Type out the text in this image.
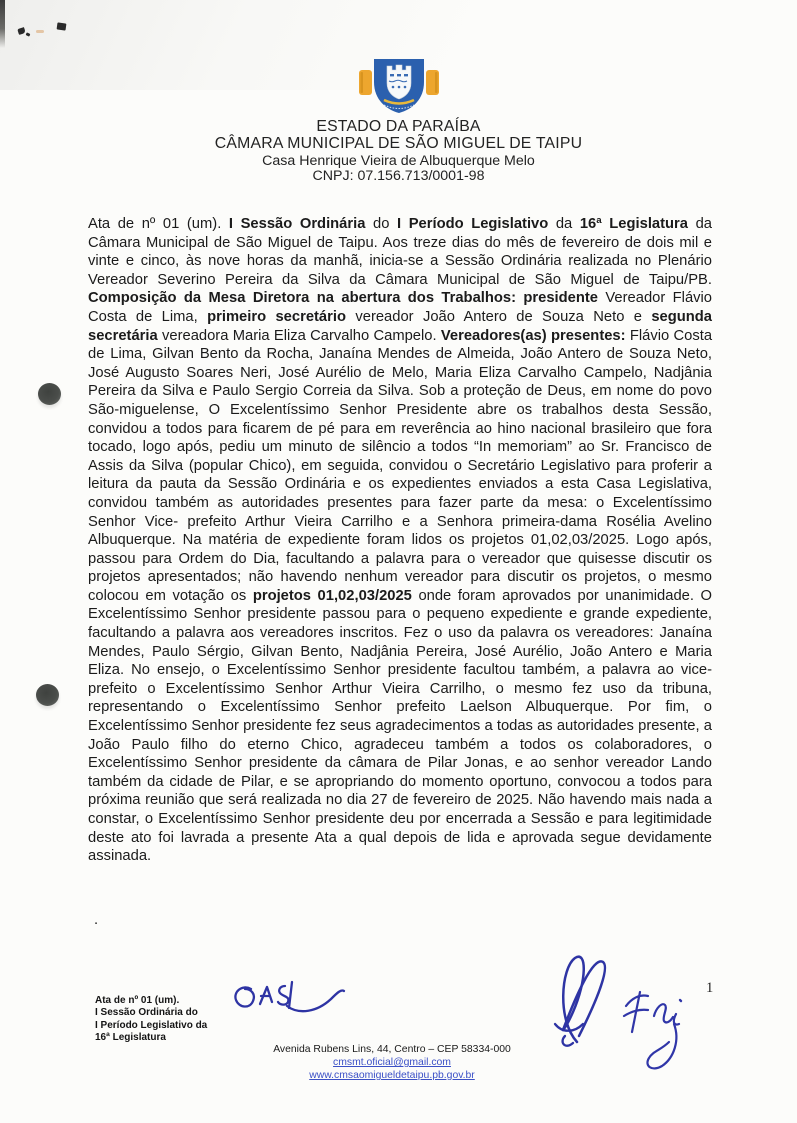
ESTADO DA PARAÍBA
CÂMARA MUNICIPAL DE SÃO MIGUEL DE TAIPU
Casa Henrique Vieira de Albuquerque Melo
CNPJ: 07.156.713/0001-98
Ata de nº 01 (um). I Sessão Ordinária do I Período Legislativo da 16ª Legislatura da Câmara Municipal de São Miguel de Taipu. Aos treze dias do mês de fevereiro de dois mil e vinte e cinco, às nove horas da manhã, inicia-se a Sessão Ordinária realizada no Plenário Vereador Severino Pereira da Silva da Câmara Municipal de São Miguel de Taipu/PB. Composição da Mesa Diretora na abertura dos Trabalhos: presidente Vereador Flávio Costa de Lima, primeiro secretário vereador João Antero de Souza Neto e segunda secretária vereadora Maria Eliza Carvalho Campelo. Vereadores(as) presentes: Flávio Costa de Lima, Gilvan Bento da Rocha, Janaína Mendes de Almeida, João Antero de Souza Neto, José Augusto Soares Neri, José Aurélio de Melo, Maria Eliza Carvalho Campelo, Nadjânia Pereira da Silva e Paulo Sergio Correia da Silva. Sob a proteção de Deus, em nome do povo São-miguelense, O Excelentíssimo Senhor Presidente abre os trabalhos desta Sessão, convidou a todos para ficarem de pé para em reverência ao hino nacional brasileiro que fora tocado, logo após, pediu um minuto de silêncio a todos “In memoriam” ao Sr. Francisco de Assis da Silva (popular Chico), em seguida, convidou o Secretário Legislativo para proferir a leitura da pauta da Sessão Ordinária e os expedientes enviados a esta Casa Legislativa, convidou também as autoridades presentes para fazer parte da mesa: o Excelentíssimo Senhor Vice- prefeito Arthur Vieira Carrilho e a Senhora primeira-dama Rosélia Avelino Albuquerque. Na matéria de expediente foram lidos os projetos 01,02,03/2025. Logo após, passou para Ordem do Dia, facultando a palavra para o vereador que quisesse discutir os projetos apresentados; não havendo nenhum vereador para discutir os projetos, o mesmo colocou em votação os projetos 01,02,03/2025 onde foram aprovados por unanimidade. O Excelentíssimo Senhor presidente passou para o pequeno expediente e grande expediente, facultando a palavra aos vereadores inscritos. Fez o uso da palavra os vereadores: Janaína Mendes, Paulo Sérgio, Gilvan Bento, Nadjânia Pereira, José Aurélio, João Antero e Maria Eliza. No ensejo, o Excelentíssimo Senhor presidente facultou também, a palavra ao vice-prefeito o Excelentíssimo Senhor Arthur Vieira Carrilho, o mesmo fez uso da tribuna, representando o Excelentíssimo Senhor prefeito Laelson Albuquerque. Por fim, o Excelentíssimo Senhor presidente fez seus agradecimentos a todas as autoridades presente, a João Paulo filho do eterno Chico, agradeceu também a todos os colaboradores, o Excelentíssimo Senhor presidente da câmara de Pilar Jonas, e ao senhor vereador Lando também da cidade de Pilar, e se apropriando do momento oportuno, convocou a todos para próxima reunião que será realizada no dia 27 de fevereiro de 2025. Não havendo mais nada a constar, o Excelentíssimo Senhor presidente deu por encerrada a Sessão e para legitimidade deste ato foi lavrada a presente Ata a qual depois de lida e aprovada segue devidamente assinada.
.
Ata de nº 01 (um).
I Sessão Ordinária do
I Período Legislativo da
16ª Legislatura
1
Avenida Rubens Lins, 44, Centro – CEP 58334-000
cmsmt.oficial@gmail.com
www.cmsaomigueldetaipu.pb.gov.br
